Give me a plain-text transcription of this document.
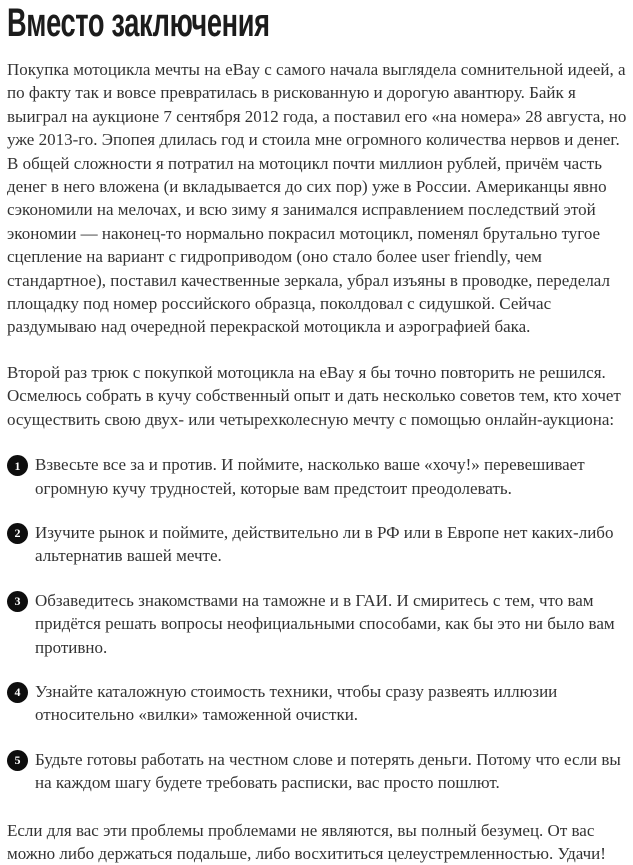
Вместо заключения

Покупка мотоцикла мечты на eBay с самого начала выглядела сомнительной идеей, а по факту так и вовсе превратилась в рискованную и дорогую авантюру. Байк я выиграл на аукционе 7 сентября 2012 года, а поставил его «на номера» 28 августа, но уже 2013-го. Эпопея длилась год и стоила мне огромного количества нервов и денег. В общей сложности я потратил на мотоцикл почти миллион рублей, причём часть денег в него вложена (и вкладывается до сих пор) уже в России. Американцы явно сэкономили на мелочах, и всю зиму я занимался исправлением последствий этой экономии — наконец-то нормально покрасил мотоцикл, поменял брутально тугое сцепление на вариант с гидроприводом (оно стало более user friendly, чем стандартное), поставил качественные зеркала, убрал изъяны в проводке, переделал площадку под номер российского образца, поколдовал с сидушкой. Сейчас раздумываю над очередной перекраской мотоцикла и аэрографией бака.

Второй раз трюк с покупкой мотоцикла на eBay я бы точно повторить не решился. Осмелюсь собрать в кучу собственный опыт и дать несколько советов тем, кто хочет осуществить свою двух- или четырехколесную мечту с помощью онлайн-аукциона:

1 Взвесьте все за и против. И поймите, насколько ваше «хочу!» перевешивает огромную кучу трудностей, которые вам предстоит преодолевать.
2 Изучите рынок и поймите, действительно ли в РФ или в Европе нет каких-либо альтернатив вашей мечте.
3 Обзаведитесь знакомствами на таможне и в ГАИ. И смиритесь с тем, что вам придётся решать вопросы неофициальными способами, как бы это ни было вам противно.
4 Узнайте каталожную стоимость техники, чтобы сразу развеять иллюзии относительно «вилки» таможенной очистки.
5 Будьте готовы работать на честном слове и потерять деньги. Потому что если вы на каждом шагу будете требовать расписки, вас просто пошлют.

Если для вас эти проблемы проблемами не являются, вы полный безумец. От вас можно либо держаться подальше, либо восхититься целеустремленностью. Удачи!
